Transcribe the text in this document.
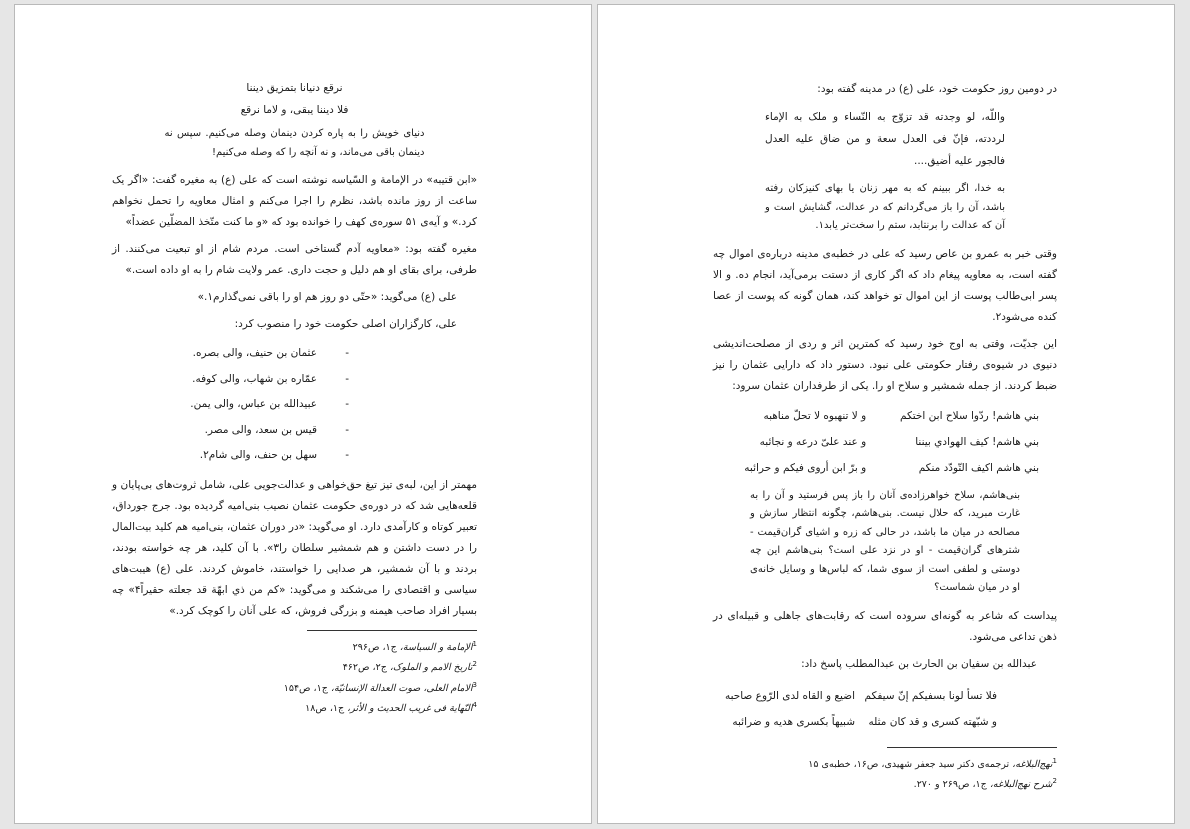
نرقع دنيانا بتمزيق ديننا

فلا ديننا يبقى، و لاما نرقع

دنیای خویش را به پاره کردن دینمان وصله می‌کنیم. سپس نه دینمان باقی می‌ماند، و نه آنچه را که وصله می‌کنیم!

«ابن قتیبه» در الإمامة و السّیاسه نوشته است که علی (ع) به مغیره گفت: «اگر یک ساعت از روز مانده باشد، نظرم را اجرا می‌کنم و امثال معاویه را تحمل نخواهم کرد.» و آیه‌ی ۵۱ سوره‌ی کهف را خوانده بود که «و ما کنت متّخذ المضلّین عضداً»

مغیره گفته بود: «معاویه آدم گستاخی است. مردم شام از او تبعیت می‌کنند. از طرفی، برای بقای او هم دلیل و حجت داری. عمر ولایت شام را به او داده است.»

علی (ع) می‌گوید: «حتّی دو روز هم او را باقی نمی‌گذارم۱.»

علی، کارگزاران اصلی حکومت خود را منصوب کرد:

- عثمان بن حنیف، والی بصره.
- عمّاره بن شهاب، والی کوفه.
- عبیدالله بن عباس، والی یمن.
- قیس بن سعد، والی مصر.
- سهل بن حنف، والی شام۲.

مهمتر از این، لبه‌ی تیز تیغ حق‌خواهی و عدالت‌جویی علی، شامل ثروت‌های بی‌پایان و قلعه‌هایی شد که در دوره‌ی حکومت عثمان نصیب بنی‌امیه گردیده بود. جرج جورداق، تعبیر کوتاه و کارآمدی دارد. او می‌گوید: «در دوران عثمان، بنی‌امیه هم کلید بیت‌المال را در دست داشتن و هم شمشیر سلطان را۳». با آن کلید، هر چه خواسته بودند، بردند و با آن شمشیر، هر صدایی را خواستند، خاموش کردند. علی (ع) هیبت‌های سیاسی و اقتصادی را می‌شکند و می‌گوید: «کم من ذي ابهّة قد جعلته حقیراً۴» چه بسیار افراد صاحب هیمنه و بزرگی فروش، که علی آنان را کوچک کرد.»

$^1$الإمامة و السیاسة، ج۱، ص۲۹۶

$^2$تاریخ الامم و الملوک، ج۲، ص۴۶۲

$^3$الامام العلی، صوت العدالة الإنسانیّة، ج۱، ص۱۵۴

$^4$النّهایة فی غریب الحدیث و الأثر، ج۱، ص۱۸

در دومین روز حکومت خود، علی (ع) در مدینه گفته بود:

واللّه، لو وجدته قد تزوّج به النّساء و ملک به الإماء لرددته، فإنّ فی العدل سعة و من ضاق علیه العدل فالجور علیه أضیق....

به خدا، اگر ببینم که به مهر زنان یا بهای کنیزکان رفته باشد، آن را باز می‌گردانم که در عدالت، گشایش است و آن که عدالت را برنتابد، ستم را سخت‌تر یابد۱.

وقتی خبر به عمرو بن عاص رسید که علی در خطبه‌ی مدینه درباره‌ی اموال چه گفته است، به معاویه پیغام داد که اگر کاری از دستت برمی‌آید، انجام ده. و الا پسر ابی‌طالب پوست از این اموال تو خواهد کند، همان گونه که پوست از عصا کنده می‌شود۲.

این جدیّت، وقتی به اوج خود رسید که کمترین اثر و ردی از مصلحت‌اندیشی دنیوی در شیوه‌ی رفتار حکومتی علی نبود. دستور داد که دارایی عثمان را نیز ضبط کردند. از جمله شمشیر و سلاح او را. یکی از طرفداران عثمان سرود:

بني هاشم! ردّوا سلاح ابن اختکم
و لا تنهبوه لا تحلّ مناهبه
بني هاشم! کیف الهوادي بیننا
و عند علیّ درعه و نجائبه
بني هاشم اکیف التّودّد منکم
و برّ ابن أروی فیکم و حرائبه

بنی‌هاشم، سلاح خواهرزاده‌ی آنان را باز پس فرستید و آن را به غارت مبرید، که حلال نیست. بنی‌هاشم، چگونه انتظار سازش و مصالحه در میان ما باشد، در حالی که زره و اشیای گران‌قیمت - شترهای گران‌قیمت - او در نزد علی است؟ بنی‌هاشم این چه دوستی و لطفی است از سوی شما، که لباس‌ها و وسایل خانه‌ی او در میان شماست؟

پیداست که شاعر به گونه‌ای سروده است که رقابت‌های جاهلی و قبیله‌ای در ذهن تداعی می‌شود.

عبدالله بن سفیان بن الحارث بن عبدالمطلب پاسخ داد:

فلا تسأ لونا بسفیکم إنّ سیفکم
اضیع و القاه لدی الرّوع صاحبه
و شبّهته کسری و قد کان مثله
شبیهاً بکسری هدیه و ضرائبه

$^1$نهج‌البلاغه، ترجمه‌ی دکتر سید جعفر شهیدی، ص۱۶، خطبه‌ی ۱۵

$^2$شرح نهج‌البلاغه، ج۱، ص۲۶۹ و ۲۷۰.
